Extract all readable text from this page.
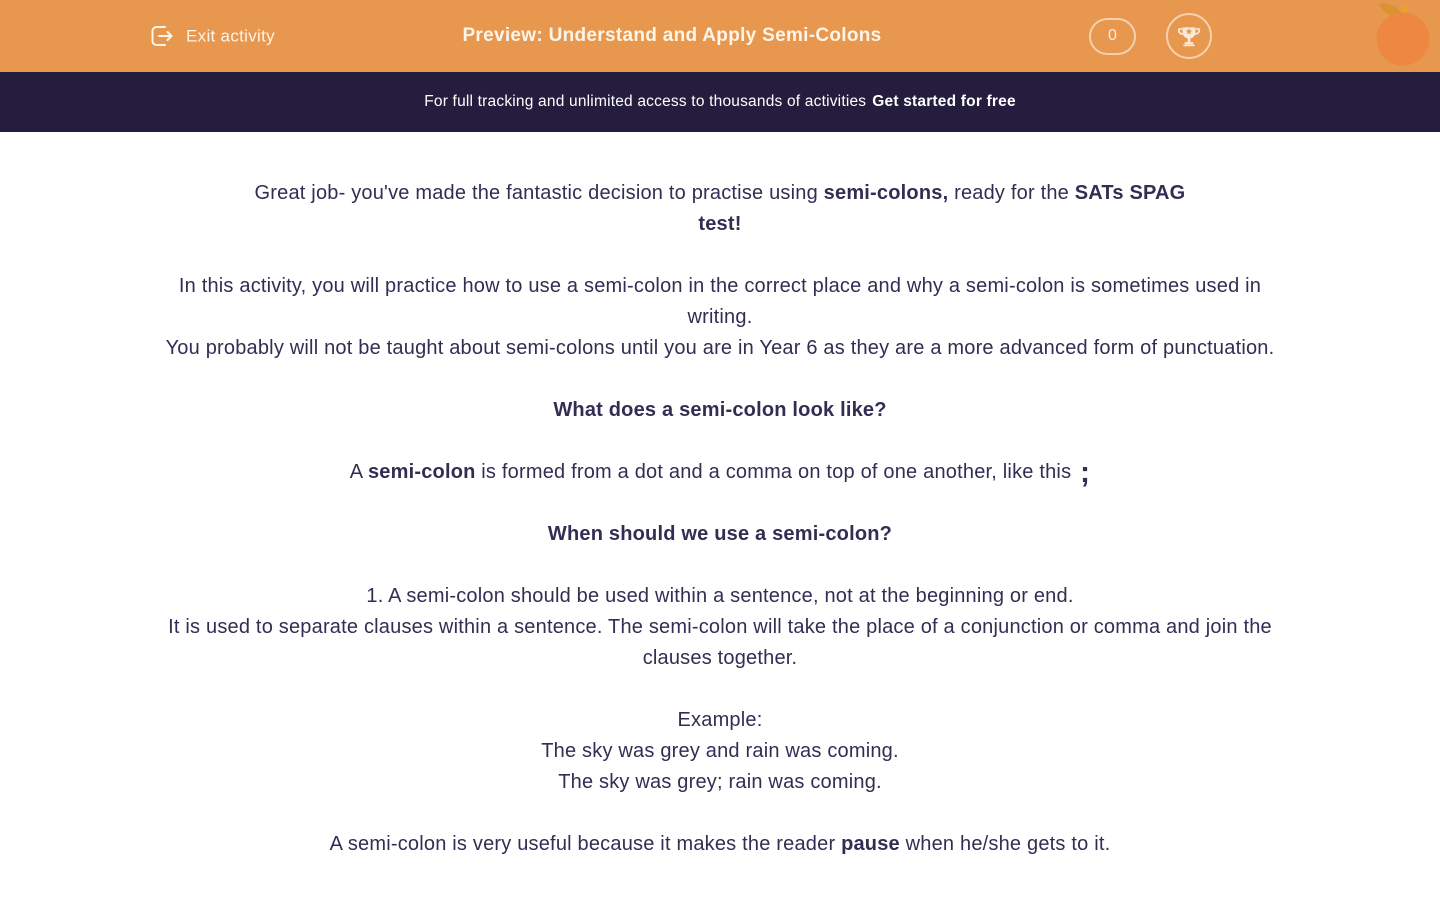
Exit activity	Preview: Understand and Apply Semi-Colons	0
For full tracking and unlimited access to thousands of activities Get started for free

Great job- you've made the fantastic decision to practise using semi-colons, ready for the SATs SPAG
test!

In this activity, you will practice how to use a semi-colon in the correct place and why a semi-colon is sometimes used in writing.
You probably will not be taught about semi-colons until you are in Year 6 as they are a more advanced form of punctuation.

What does a semi-colon look like?

A semi-colon is formed from a dot and a comma on top of one another, like this ;

When should we use a semi-colon?

1. A semi-colon should be used within a sentence, not at the beginning or end.
It is used to separate clauses within a sentence. The semi-colon will take the place of a conjunction or comma and join the clauses together.

Example:
The sky was grey and rain was coming.
The sky was grey; rain was coming.

A semi-colon is very useful because it makes the reader pause when he/she gets to it.
